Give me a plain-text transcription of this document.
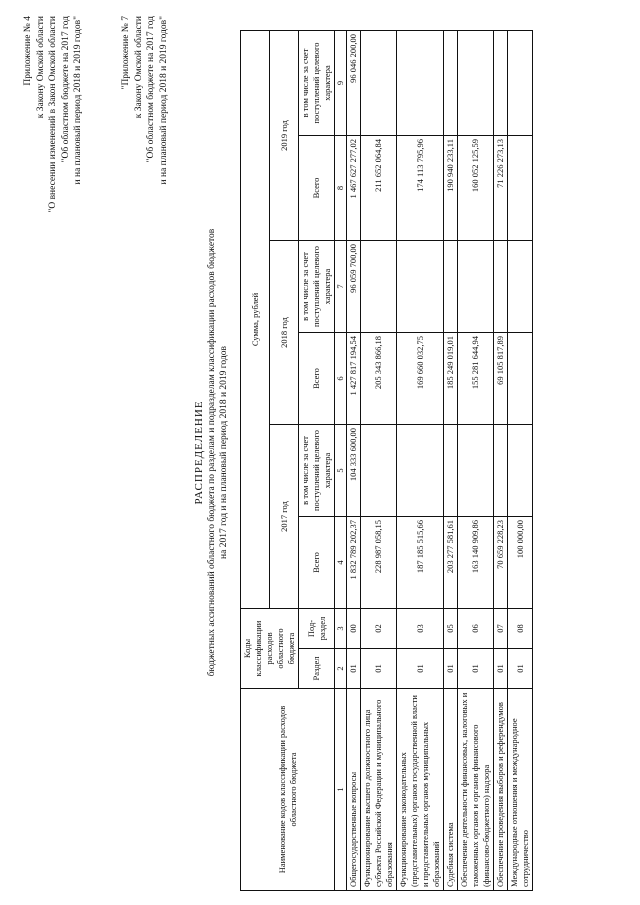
Приложение № 4 к Закону Омской области "О внесении изменений в Закон Омской области "Об областном бюджете на 2017 год и на плановый период 2018 и 2019 годов"	"Приложение № 7 к Закону Омской области "Об областном бюджете на 2017 год и на плановый период 2018 и 2019 годов"
РАСПРЕДЕЛЕНИЕ бюджетных ассигнований областного бюджета по разделам и подразделам классификации расходов бюджетов на 2017 год и на плановый период 2018 и 2019 годов
Наименование кодов классификации расходов областного бюджета	Коды классификации расходов областного бюджета		Сумма, рублей					
			2017 год		2018 год		2019 год	
	Раздел	Под-раздел	Всего	в том числе за счет поступлений целевого характера	Всего	в том числе за счет поступлений целевого характера	Всего	в том числе за счет поступлений целевого характера
1	2	3	4	5	6	7	8	9
Общегосударственные вопросы	01	00	1 832 789 202,37	104 333 600,00	1 427 817 194,54	96 059 700,00	1 467 627 277,02	96 046 200,00
Функционирование высшего должностного лица субъекта Российской Федерации и муниципального образования	01	02	228 987 058,15		205 343 866,18		211 652 064,84	
Функционирование законодательных (представительных) органов государственной власти и представительных органов муниципальных образований	01	03	187 185 515,66		169 660 032,75		174 113 795,96	
Судебная система	01	05	203 277 581,61		185 249 019,01		190 940 233,11	
Обеспечение деятельности финансовых, налоговых и таможенных органов и органов финансового (финансово-бюджетного) надзора	01	06	163 140 909,86		155 281 644,94		160 052 125,59	
Обеспечение проведения выборов и референдумов	01	07	70 659 228,23		69 105 817,89		71 226 273,13	
Международные отношения и международное сотрудничество	01	08	100 000,00					
